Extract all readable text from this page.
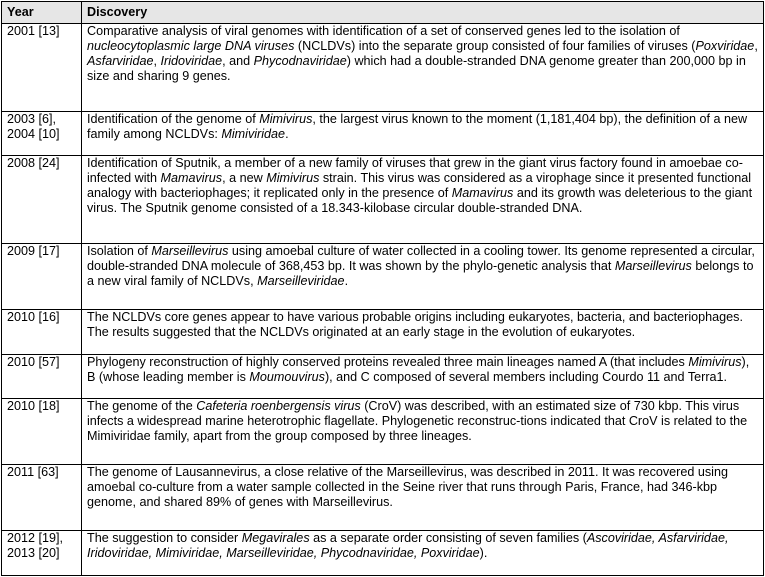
Year	Discovery
2001 [13]	Comparative analysis of viral genomes with identification of a set of conserved genes led to the isolation of nucleocytoplasmic large DNA viruses (NCLDVs) into the separate group consisted of four families of viruses (Poxviridae, Asfarviridae, Iridoviridae, and Phycodnaviridae) which had a double-stranded DNA genome greater than 200,000 bp in size and sharing 9 genes.
2003 [6],
2004 [10]	Identification of the genome of Mimivirus, the largest virus known to the moment (1,181,404 bp), the definition of a new family among NCLDVs: Mimiviridae.
2008 [24]	Identification of Sputnik, a member of a new family of viruses that grew in the giant virus factory found in amoebae co-infected with Mamavirus, a new Mimivirus strain. This virus was considered as a virophage since it presented functional analogy with bacteriophages; it replicated only in the presence of Mamavirus and its growth was deleterious to the giant virus. The Sputnik genome consisted of a 18.343-kilobase circular double-stranded DNA.
2009 [17]	Isolation of Marseillevirus using amoebal culture of water collected in a cooling tower. Its genome represented a circular, double-stranded DNA molecule of 368,453 bp. It was shown by the phylo-genetic analysis that Marseillevirus belongs to a new viral family of NCLDVs, Marseilleviridae.
2010 [16]	The NCLDVs core genes appear to have various probable origins including eukaryotes, bacteria, and bacteriophages. The results suggested that the NCLDVs originated at an early stage in the evolution of eukaryotes.
2010 [57]	Phylogeny reconstruction of highly conserved proteins revealed three main lineages named A (that includes Mimivirus), B (whose leading member is Moumouvirus), and C composed of several members including Courdo 11 and Terra1.
2010 [18]	The genome of the Cafeteria roenbergensis virus (CroV) was described, with an estimated size of 730 kbp. This virus infects a widespread marine heterotrophic flagellate. Phylogenetic reconstruc-tions indicated that CroV is related to the Mimiviridae family, apart from the group composed by three lineages.
2011 [63]	The genome of Lausannevirus, a close relative of the Marseillevirus, was described in 2011. It was recovered using amoebal co-culture from a water sample collected in the Seine river that runs through Paris, France, had 346-kbp genome, and shared 89% of genes with Marseillevirus.
2012 [19],
2013 [20]	The suggestion to consider Megavirales as a separate order consisting of seven families (Ascoviridae, Asfarviridae, Iridoviridae, Mimiviridae, Marseilleviridae, Phycodnaviridae, Poxviridae).
